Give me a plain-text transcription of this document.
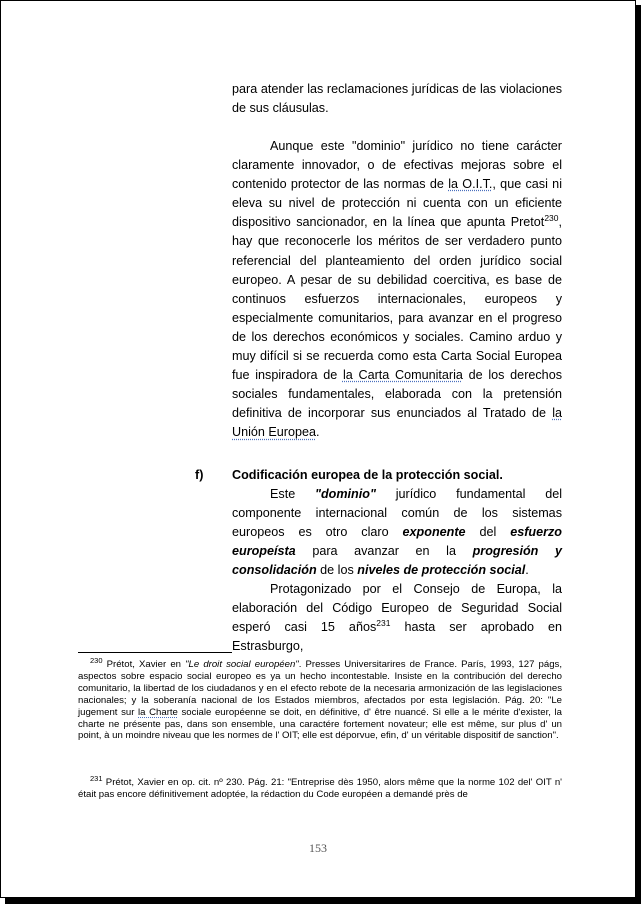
para atender las reclamaciones jurídicas de las violaciones de sus cláusulas.

Aunque este "dominio" jurídico no tiene carácter claramente innovador, o de efectivas mejoras sobre el contenido protector de las normas de la O.I.T., que casi ni eleva su nivel de protección ni cuenta con un eficiente dispositivo sancionador, en la línea que apunta Pretot$^{230}$, hay que reconocerle los méritos de ser verdadero punto referencial del planteamiento del orden jurídico social europeo. A pesar de su debilidad coercitiva, es base de continuos esfuerzos internacionales, europeos y especialmente comunitarios, para avanzar en el progreso de los derechos económicos y sociales. Camino arduo y muy difícil si se recuerda como esta Carta Social Europea fue inspiradora de la Carta Comunitaria de los derechos sociales fundamentales, elaborada con la pretensión definitiva de incorporar sus enunciados al Tratado de la Unión Europea.

f) Codificación europea de la protección social.

Este "dominio" jurídico fundamental del componente internacional común de los sistemas europeos es otro claro exponente del esfuerzo europeísta para avanzar en la progresión y consolidación de los niveles de protección social.

Protagonizado por el Consejo de Europa, la elaboración del Código Europeo de Seguridad Social esperó casi 15 años$^{231}$ hasta ser aprobado en Estrasburgo,

$^{230}$ Prétot, Xavier en "Le droit social européen". Presses Universitarires de France. París, 1993, 127 págs, aspectos sobre espacio social europeo es ya un hecho incontestable. Insiste en la contribución del derecho comunitario, la libertad de los ciudadanos y en el efecto rebote de la necesaria armonización de las legislaciones nacionales; y la soberanía nacional de los Estados miembros, afectados por esta legislación. Pág. 20: "Le jugement sur la Charte sociale européenne se doit, en définitive, d' être nuancé. Si elle a le mérite d'exister, la charte ne présente pas, dans son ensemble, una caractére fortement novateur; elle est même, sur plus d' un point, à un moindre niveau que les normes de l' OIT; elle est déporvue, efin, d' un véritable dispositif de sanction".

$^{231}$ Prétot, Xavier en op. cit. nº 230. Pág. 21: "Entreprise dès 1950, alors même que la norme 102 del' OIT n' était pas encore définitivement adoptée, la rédaction du Code européen a demandé près de

153
